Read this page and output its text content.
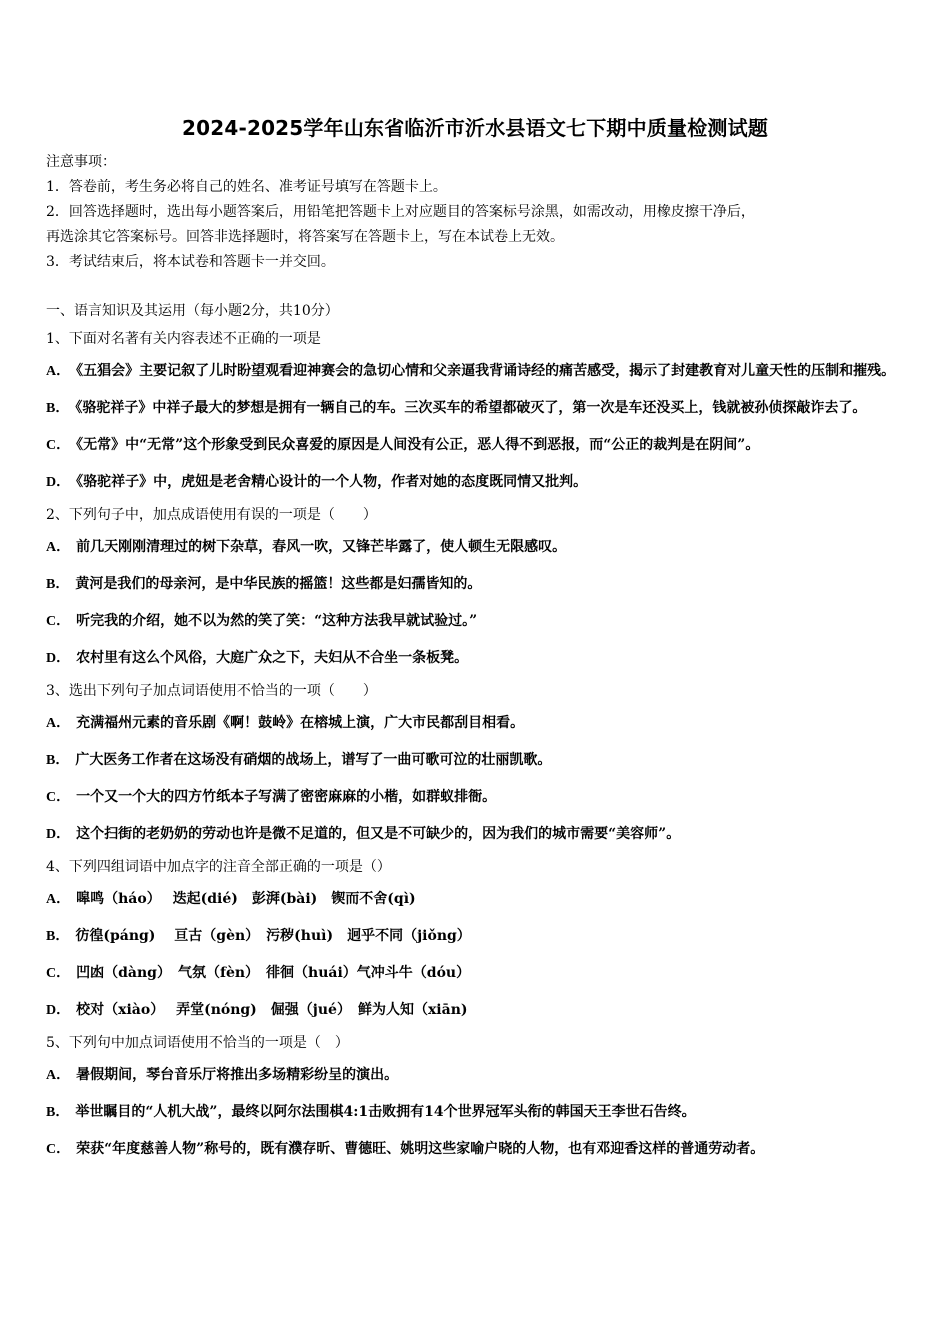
2024-2025学年山东省临沂市沂水县语文七下期中质量检测试题
注意事项：
1．答卷前，考生务必将自己的姓名、准考证号填写在答题卡上。
2．回答选择题时，选出每小题答案后，用铅笔把答题卡上对应题目的答案标号涂黑，如需改动，用橡皮擦干净后，
再选涂其它答案标号。回答非选择题时，将答案写在答题卡上，写在本试卷上无效。
3．考试结束后，将本试卷和答题卡一并交回。
一、语言知识及其运用（每小题2分，共10分）
1、下面对名著有关内容表述不正确的一项是
A． 《五猖会》主要记叙了儿时盼望观看迎神赛会的急切心情和父亲逼我背诵诗经的痛苦感受，揭示了封建教育对儿童天性的压制和摧残。
B． 《骆驼祥子》中祥子最大的梦想是拥有一辆自己的车。三次买车的希望都破灭了，第一次是车还没买上，钱就被孙侦探敲诈去了。
C． 《无常》中“无常”这个形象受到民众喜爱的原因是人间没有公正，恶人得不到恶报，而“公正的裁判是在阴间”。
D． 《骆驼祥子》中，虎妞是老舍精心设计的一个人物，作者对她的态度既同情又批判。
2、下列句子中，加点成语使用有误的一项是（　　）
A． 前几天刚刚清理过的树下杂草，春风一吹，又锋芒毕露了，使人顿生无限感叹。
B． 黄河是我们的母亲河，是中华民族的摇篮！这些都是妇孺皆知的。
C． 听完我的介绍，她不以为然的笑了笑：“这种方法我早就试验过。”
D． 农村里有这么个风俗，大庭广众之下，夫妇从不合坐一条板凳。
3、选出下列句子加点词语使用不恰当的一项（　　）
A． 充满福州元素的音乐剧《啊！鼓岭》在榕城上演，广大市民都刮目相看。
B． 广大医务工作者在这场没有硝烟的战场上，谱写了一曲可歌可泣的壮丽凯歌。
C． 一个又一个大的四方竹纸本子写满了密密麻麻的小楷，如群蚁排衙。
D． 这个扫街的老奶奶的劳动也许是微不足道的，但又是不可缺少的，因为我们的城市需要“美容师”。
4、下列四组词语中加点字的注音全部正确的一项是（）
A． 嗥鸣（háo）　 迭起(dié)　彭湃(bài)　锲而不舍(qì)
B． 彷徨(páng)　 亘古（gèn）　污秽(huì)　迥乎不同（jiǒng）
C． 凹凼（dàng）　气氛（fèn）　徘徊（huái）气冲斗牛（dóu）
D． 校对（xiào）　 弄堂(nóng)　倔强（jué）　鲜为人知（xiān)
5、下列句中加点词语使用不恰当的一项是（　）
A． 暑假期间，琴台音乐厅将推出多场精彩纷呈的演出。
B． 举世瞩目的“人机大战”，最终以阿尔法围棋4:1击败拥有14个世界冠军头衔的韩国天王李世石告终。
C． 荣获“年度慈善人物”称号的，既有濮存昕、曹德旺、姚明这些家喻户晓的人物，也有邓迎香这样的普通劳动者。
